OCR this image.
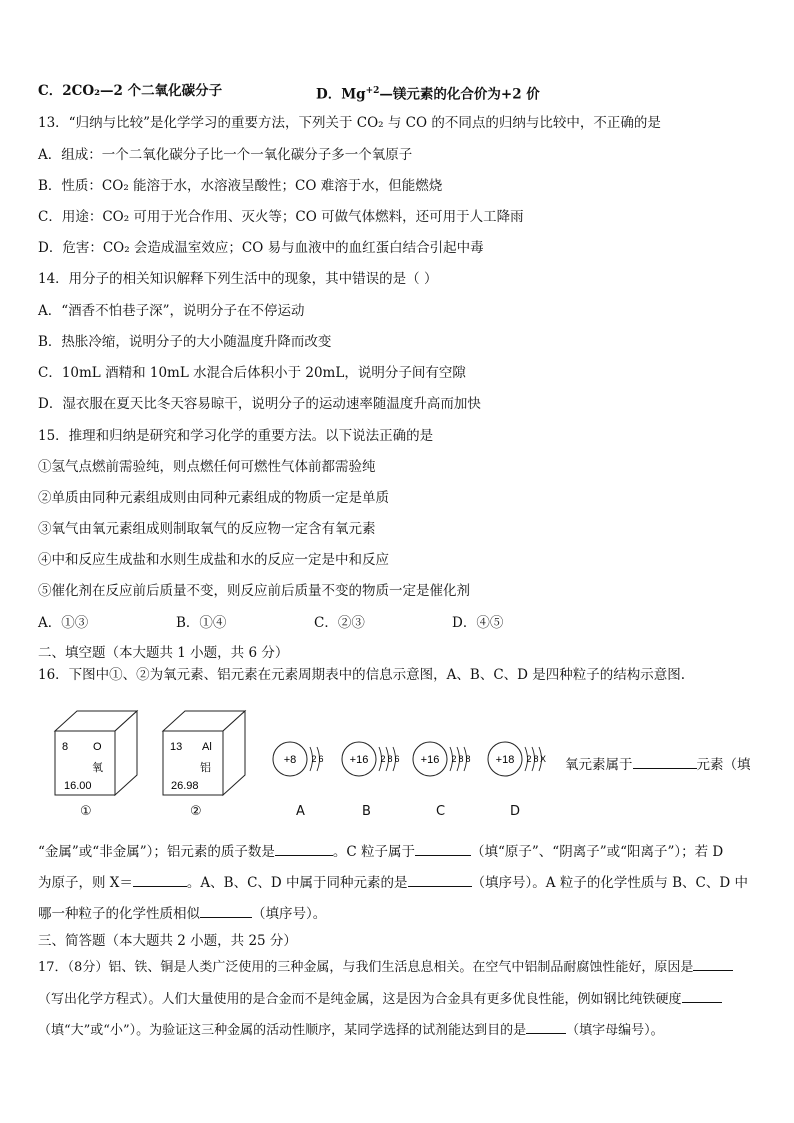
C．2CO₂—2 个二氧化碳分子	D．$Mg^{+2}—$镁元素的化合价为+2 价
13．“归纳与比较”是化学学习的重要方法，下列关于 CO₂ 与 CO 的不同点的归纳与比较中，不正确的是
A．组成：一个二氧化碳分子比一个一氧化碳分子多一个氧原子
B．性质：CO₂ 能溶于水，水溶液呈酸性；CO 难溶于水，但能燃烧
C．用途：CO₂ 可用于光合作用、灭火等；CO 可做气体燃料，还可用于人工降雨
D．危害：CO₂ 会造成温室效应；CO 易与血液中的血红蛋白结合引起中毒
14．用分子的相关知识解释下列生活中的现象，其中错误的是（ ）
A．“酒香不怕巷子深”，说明分子在不停运动
B．热胀冷缩，说明分子的大小随温度升降而改变
C．10mL 酒精和 10mL 水混合后体积小于 20mL，说明分子间有空隙
D．湿衣服在夏天比冬天容易晾干，说明分子的运动速率随温度升高而加快
15．推理和归纳是研究和学习化学的重要方法。以下说法正确的是
①氢气点燃前需验纯，则点燃任何可燃性气体前都需验纯
②单质由同种元素组成则由同种元素组成的物质一定是单质
③氧气由氧元素组成则制取氧气的反应物一定含有氧元素
④中和反应生成盐和水则生成盐和水的反应一定是中和反应
⑤催化剂在反应前后质量不变，则反应前后质量不变的物质一定是催化剂
A．①③	B．①④	C．②③	D．④⑤
二、填空题（本大题共 1 小题，共 6 分）
16．下图中①、②为氧元素、铝元素在元素周期表中的信息示意图，A、B、C、D 是四种粒子的结构示意图.
8 O
氧
16.00
13 Al
铝
26.98
+8 2 6 +16 2 8 6 +16 2 8 8 +18 2 8 X
①	②	A	B	C	D
氧元素属于	元素（填
“金属”或“非金属”）；铝元素的质子数是	。C 粒子属于	（填“原子”、“阴离子”或“阳离子”）；若 D
为原子，则 X＝	。A、B、C、D 中属于同种元素的是	（填序号）。A 粒子的化学性质与 B、C、D 中
哪一种粒子的化学性质相似	（填序号）。
三、简答题（本大题共 2 小题，共 25 分）
17．（8分）铝、铁、铜是人类广泛使用的三种金属，与我们生活息息相关。在空气中铝制品耐腐蚀性能好，原因是
（写出化学方程式）。人们大量使用的是合金而不是纯金属，这是因为合金具有更多优良性能，例如钢比纯铁硬度
（填“大”或“小”）。为验证这三种金属的活动性顺序，某同学选择的试剂能达到目的是	（填字母编号）。
